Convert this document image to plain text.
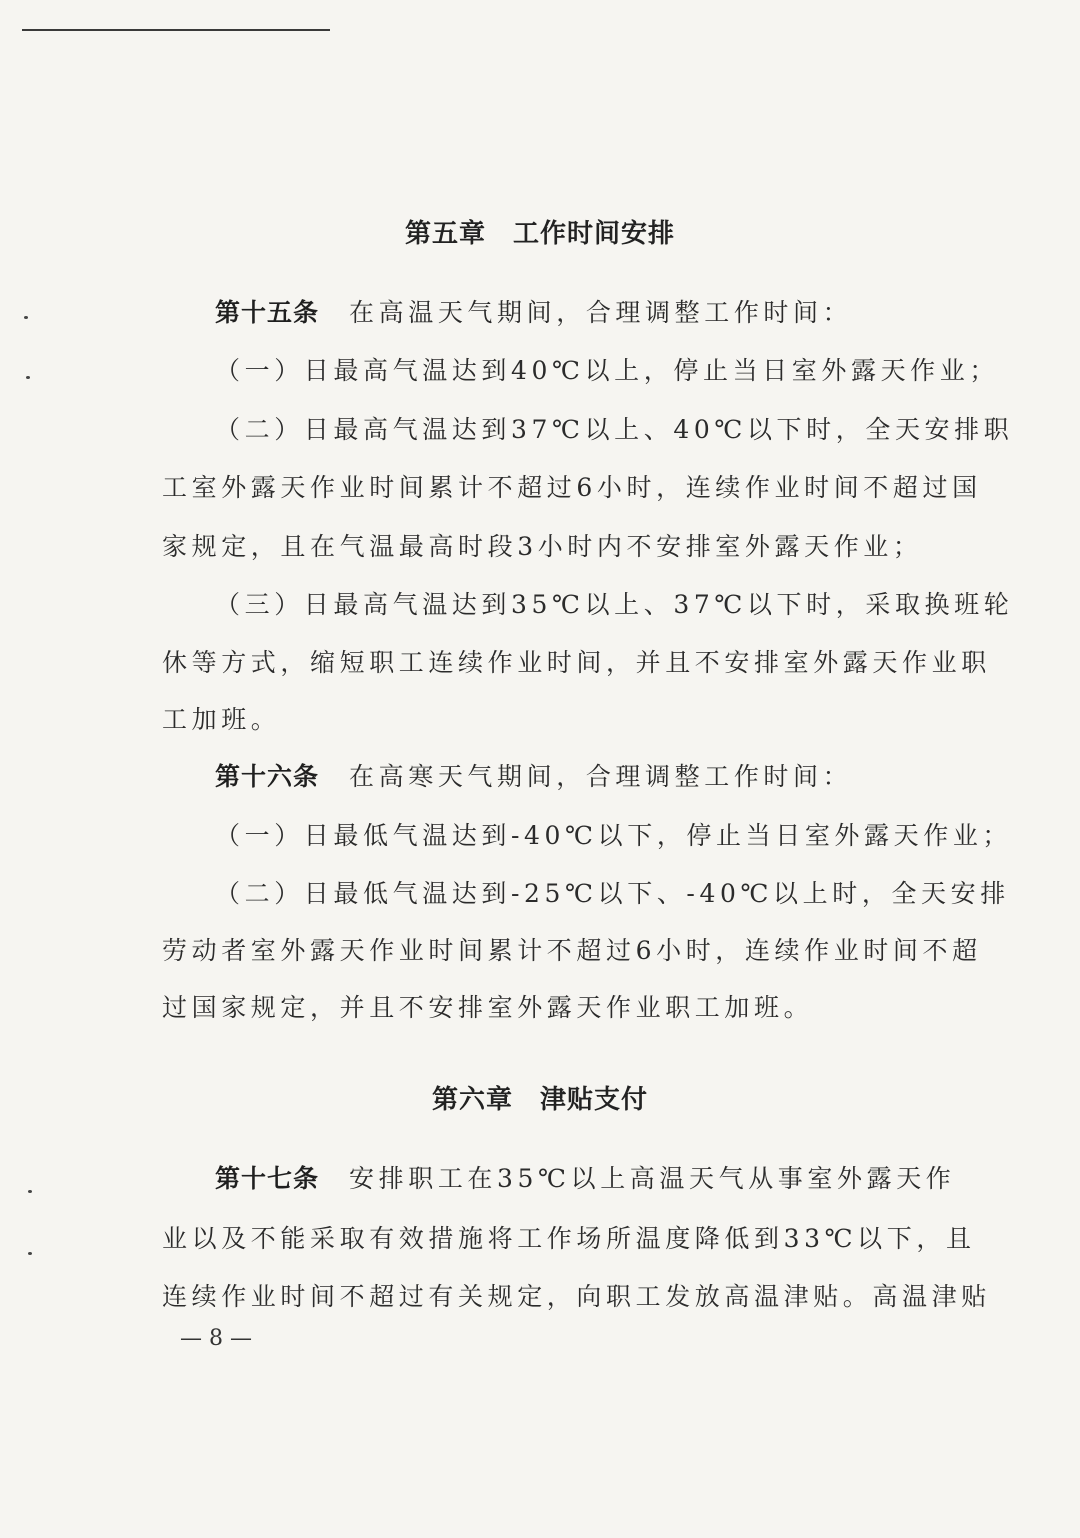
第五章　工作时间安排
第十五条 在高温天气期间，合理调整工作时间：
（一）日最高气温达到40℃以上，停止当日室外露天作业；
（二）日最高气温达到37℃以上、40℃以下时，全天安排职
工室外露天作业时间累计不超过6小时，连续作业时间不超过国
家规定，且在气温最高时段3小时内不安排室外露天作业；
（三）日最高气温达到35℃以上、37℃以下时，采取换班轮
休等方式，缩短职工连续作业时间，并且不安排室外露天作业职
工加班。
第十六条 在高寒天气期间，合理调整工作时间：
（一）日最低气温达到-40℃以下，停止当日室外露天作业；
（二）日最低气温达到-25℃以下、-40℃以上时，全天安排
劳动者室外露天作业时间累计不超过6小时，连续作业时间不超
过国家规定，并且不安排室外露天作业职工加班。
第六章　津贴支付
第十七条 安排职工在35℃以上高温天气从事室外露天作
业以及不能采取有效措施将工作场所温度降低到33℃以下，且
连续作业时间不超过有关规定，向职工发放高温津贴。高温津贴
— 8 —
